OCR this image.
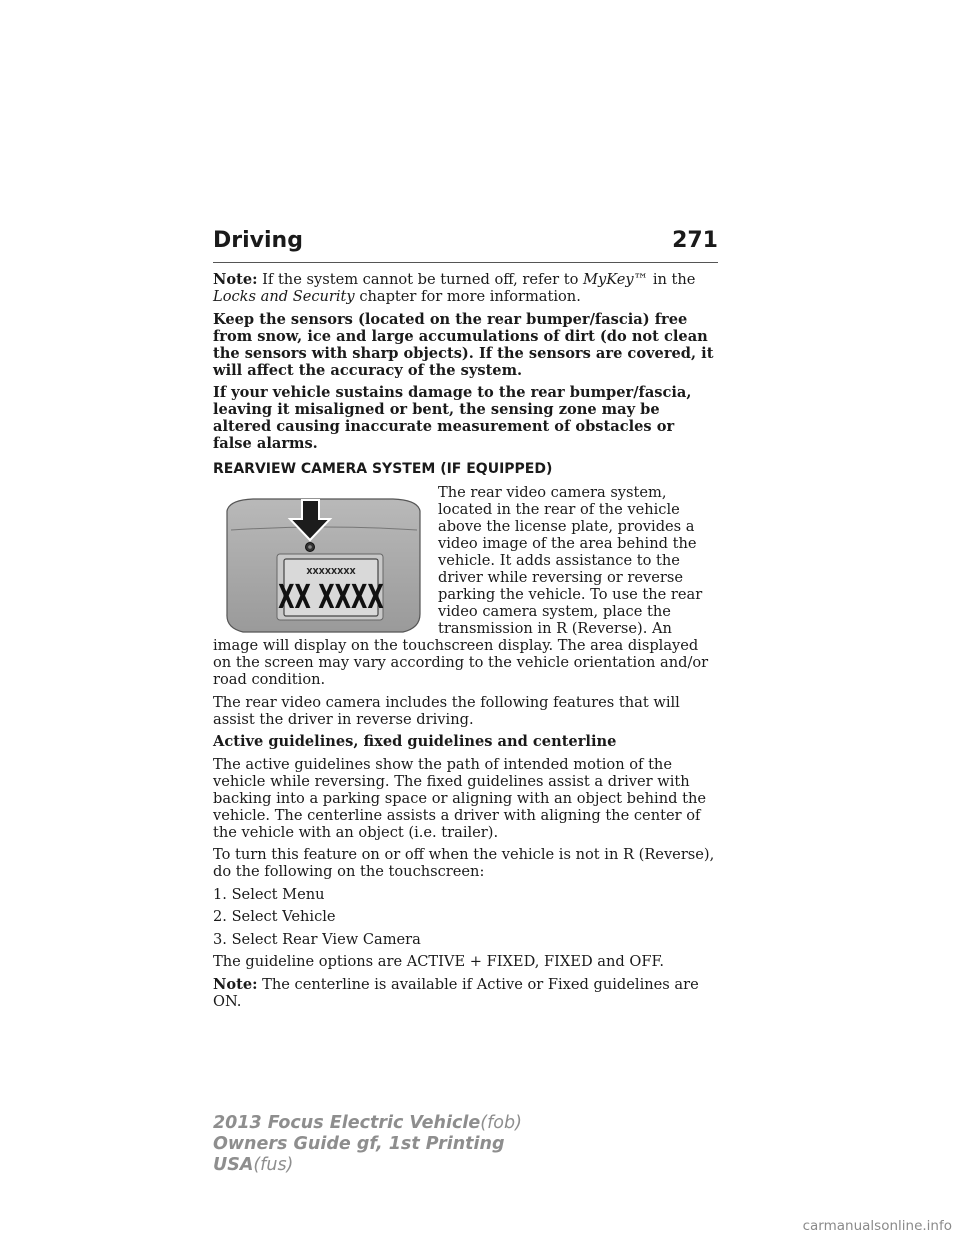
Driving	271

Note: If the system cannot be turned off, refer to MyKey™ in the Locks and Security chapter for more information.

Keep the sensors (located on the rear bumper/fascia) free from snow, ice and large accumulations of dirt (do not clean the sensors with sharp objects). If the sensors are covered, it will affect the accuracy of the system.

If your vehicle sustains damage to the rear bumper/fascia, leaving it misaligned or bent, the sensing zone may be altered causing inaccurate measurement of obstacles or false alarms.

REARVIEW CAMERA SYSTEM (IF EQUIPPED)
XXXXXXXX
XX XXXX

The rear video camera system, located in the rear of the vehicle above the license plate, provides a video image of the area behind the vehicle. It adds assistance to the driver while reversing or reverse parking the vehicle. To use the rear video camera system, place the transmission in R (Reverse). An image will display on the touchscreen display. The area displayed on the screen may vary according to the vehicle orientation and/or road condition.

The rear video camera includes the following features that will assist the driver in reverse driving.

Active guidelines, fixed guidelines and centerline

The active guidelines show the path of intended motion of the vehicle while reversing. The fixed guidelines assist a driver with backing into a parking space or aligning with an object behind the vehicle. The centerline assists a driver with aligning the center of the vehicle with an object (i.e. trailer).

To turn this feature on or off when the vehicle is not in R (Reverse), do the following on the touchscreen:

1. Select Menu

2. Select Vehicle

3. Select Rear View Camera

The guideline options are ACTIVE + FIXED, FIXED and OFF.

Note: The centerline is available if Active or Fixed guidelines are ON.

2013 Focus Electric Vehicle(fob)
Owners Guide gf, 1st Printing
USA(fus)
carmanualsonline.info
